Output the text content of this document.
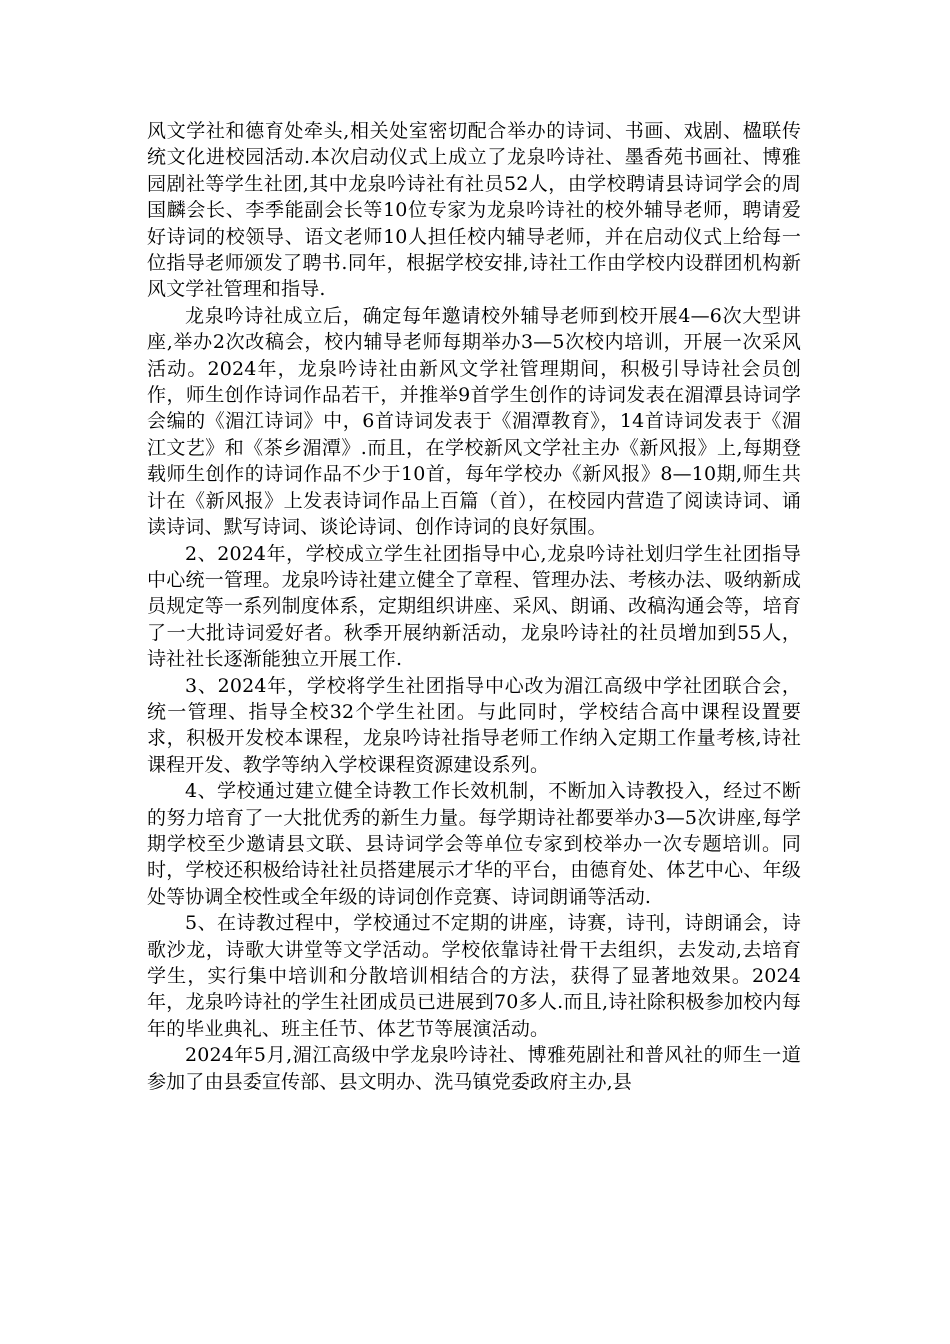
风文学社和德育处牵头,相关处室密切配合举办的诗词、书画、戏剧、楹联传统文化进校园活动.本次启动仪式上成立了龙泉吟诗社、墨香苑书画社、博雅园剧社等学生社团,其中龙泉吟诗社有社员52人，由学校聘请县诗词学会的周国麟会长、李季能副会长等10位专家为龙泉吟诗社的校外辅导老师，聘请爱好诗词的校领导、语文老师10人担任校内辅导老师，并在启动仪式上给每一位指导老师颁发了聘书.同年，根据学校安排,诗社工作由学校内设群团机构新风文学社管理和指导.

龙泉吟诗社成立后，确定每年邀请校外辅导老师到校开展4—6次大型讲座,举办2次改稿会，校内辅导老师每期举办3—5次校内培训，开展一次采风活动。2024年，龙泉吟诗社由新风文学社管理期间，积极引导诗社会员创作，师生创作诗词作品若干，并推举9首学生创作的诗词发表在湄潭县诗词学会编的《湄江诗词》中，6首诗词发表于《湄潭教育》，14首诗词发表于《湄江文艺》和《茶乡湄潭》.而且，在学校新风文学社主办《新风报》上,每期登载师生创作的诗词作品不少于10首，每年学校办《新风报》8—10期,师生共计在《新风报》上发表诗词作品上百篇（首），在校园内营造了阅读诗词、诵读诗词、默写诗词、谈论诗词、创作诗词的良好氛围。

2、2024年，学校成立学生社团指导中心,龙泉吟诗社划归学生社团指导中心统一管理。龙泉吟诗社建立健全了章程、管理办法、考核办法、吸纳新成员规定等一系列制度体系，定期组织讲座、采风、朗诵、改稿沟通会等，培育了一大批诗词爱好者。秋季开展纳新活动，龙泉吟诗社的社员增加到55人，诗社社长逐渐能独立开展工作.

3、2024年，学校将学生社团指导中心改为湄江高级中学社团联合会，统一管理、指导全校32个学生社团。与此同时，学校结合高中课程设置要求，积极开发校本课程，龙泉吟诗社指导老师工作纳入定期工作量考核,诗社课程开发、教学等纳入学校课程资源建设系列。

4、学校通过建立健全诗教工作长效机制，不断加入诗教投入，经过不断的努力培育了一大批优秀的新生力量。每学期诗社都要举办3—5次讲座,每学期学校至少邀请县文联、县诗词学会等单位专家到校举办一次专题培训。同时，学校还积极给诗社社员搭建展示才华的平台，由德育处、体艺中心、年级处等协调全校性或全年级的诗词创作竞赛、诗词朗诵等活动.

5、在诗教过程中，学校通过不定期的讲座，诗赛，诗刊，诗朗诵会，诗歌沙龙，诗歌大讲堂等文学活动。学校依靠诗社骨干去组织，去发动,去培育学生，实行集中培训和分散培训相结合的方法，获得了显著地效果。2024年，龙泉吟诗社的学生社团成员已进展到70多人.而且,诗社除积极参加校内每年的毕业典礼、班主任节、体艺节等展演活动。

2024年5月,湄江高级中学龙泉吟诗社、博雅苑剧社和普风社的师生一道参加了由县委宣传部、县文明办、洗马镇党委政府主办,县
